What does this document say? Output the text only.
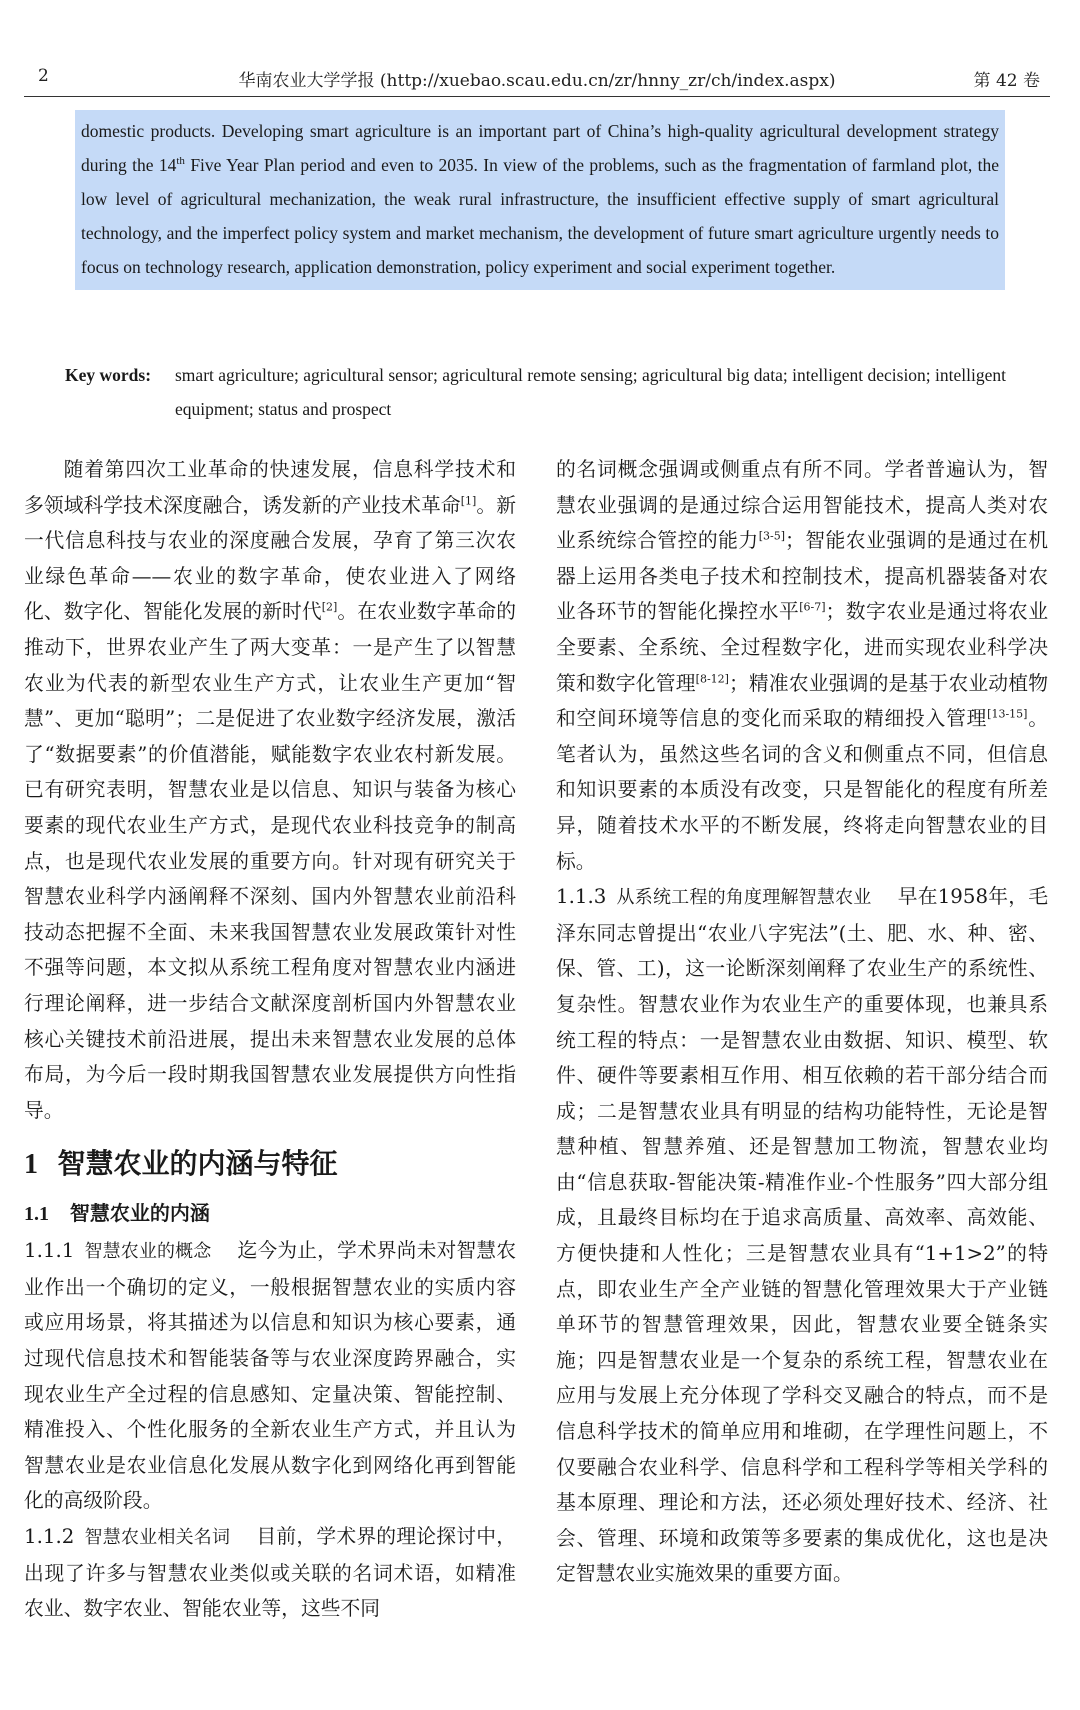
2	华南农业大学学报 (http://xuebao.scau.edu.cn/zr/hnny_zr/ch/index.aspx)	第 42 卷
domestic products. Developing smart agriculture is an important part of China’s high-quality agricultural development strategy during the 14th Five Year Plan period and even to 2035. In view of the problems, such as the fragmentation of farmland plot, the low level of agricultural mechanization, the weak rural infrastructure, the insufficient effective supply of smart agricultural technology, and the imperfect policy system and market mechanism, the development of future smart agriculture urgently needs to focus on technology research, application demonstration, policy experiment and social experiment together.
Key words:	smart agriculture; agricultural sensor; agricultural remote sensing; agricultural big data; intelligent decision; intelligent equipment; status and prospect

随着第四次工业革命的快速发展，信息科学技术和多领域科学技术深度融合，诱发新的产业技术革命[1]。新一代信息科技与农业的深度融合发展，孕育了第三次农业绿色革命——农业的数字革命，使农业进入了网络化、数字化、智能化发展的新时代[2]。在农业数字革命的推动下，世界农业产生了两大变革：一是产生了以智慧农业为代表的新型农业生产方式，让农业生产更加“智慧”、更加“聪明”；二是促进了农业数字经济发展，激活了“数据要素”的价值潜能，赋能数字农业农村新发展。已有研究表明，智慧农业是以信息、知识与装备为核心要素的现代农业生产方式，是现代农业科技竞争的制高点，也是现代农业发展的重要方向。针对现有研究关于智慧农业科学内涵阐释不深刻、国内外智慧农业前沿科技动态把握不全面、未来我国智慧农业发展政策针对性不强等问题，本文拟从系统工程角度对智慧农业内涵进行理论阐释，进一步结合文献深度剖析国内外智慧农业核心关键技术前沿进展，提出未来智慧农业发展的总体布局，为今后一段时期我国智慧农业发展提供方向性指导。

1 智慧农业的内涵与特征
1.1 智慧农业的内涵

1.1.1 智慧农业的概念 迄今为止，学术界尚未对智慧农业作出一个确切的定义，一般根据智慧农业的实质内容或应用场景，将其描述为以信息和知识为核心要素，通过现代信息技术和智能装备等与农业深度跨界融合，实现农业生产全过程的信息感知、定量决策、智能控制、精准投入、个性化服务的全新农业生产方式，并且认为智慧农业是农业信息化发展从数字化到网络化再到智能化的高级阶段。

1.1.2 智慧农业相关名词 目前，学术界的理论探讨中，出现了许多与智慧农业类似或关联的名词术语，如精准农业、数字农业、智能农业等，这些不同

的名词概念强调或侧重点有所不同。学者普遍认为，智慧农业强调的是通过综合运用智能技术，提高人类对农业系统综合管控的能力[3-5]；智能农业强调的是通过在机器上运用各类电子技术和控制技术，提高机器装备对农业各环节的智能化操控水平[6-7]；数字农业是通过将农业全要素、全系统、全过程数字化，进而实现农业科学决策和数字化管理[8-12]；精准农业强调的是基于农业动植物和空间环境等信息的变化而采取的精细投入管理[13-15]。笔者认为，虽然这些名词的含义和侧重点不同，但信息和知识要素的本质没有改变，只是智能化的程度有所差异，随着技术水平的不断发展，终将走向智慧农业的目标。

1.1.3 从系统工程的角度理解智慧农业 早在1958年，毛泽东同志曾提出“农业八字宪法”(土、肥、水、种、密、保、管、工)，这一论断深刻阐释了农业生产的系统性、复杂性。智慧农业作为农业生产的重要体现，也兼具系统工程的特点：一是智慧农业由数据、知识、模型、软件、硬件等要素相互作用、相互依赖的若干部分结合而成；二是智慧农业具有明显的结构功能特性，无论是智慧种植、智慧养殖、还是智慧加工物流，智慧农业均由“信息获取-智能决策-精准作业-个性服务”四大部分组成，且最终目标均在于追求高质量、高效率、高效能、方便快捷和人性化；三是智慧农业具有“1+1>2”的特点，即农业生产全产业链的智慧化管理效果大于产业链单环节的智慧管理效果，因此，智慧农业要全链条实施；四是智慧农业是一个复杂的系统工程，智慧农业在应用与发展上充分体现了学科交叉融合的特点，而不是信息科学技术的简单应用和堆砌，在学理性问题上，不仅要融合农业科学、信息科学和工程科学等相关学科的基本原理、理论和方法，还必须处理好技术、经济、社会、管理、环境和政策等多要素的集成优化，这也是决定智慧农业实施效果的重要方面。
